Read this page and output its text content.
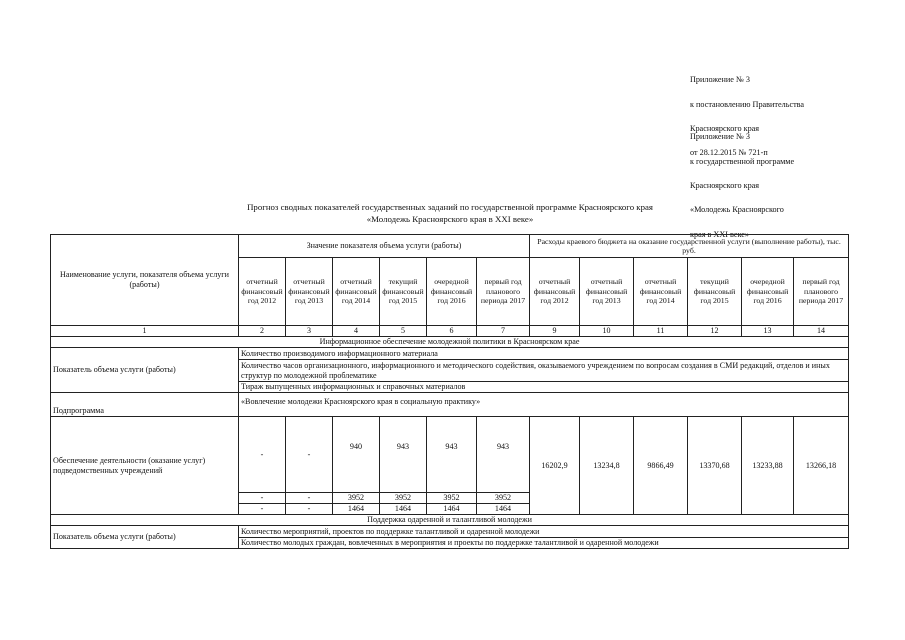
Приложение № 3

к постановлению Правительства

Красноярского края

от 28.12.2015 № 721-п

Приложение № 3

к государственной программе

Красноярского края

«Молодежь Красноярского

края в XXI веке»

Прогноз сводных показателей государственных заданий по государственной программе Красноярского края
«Молодежь Красноярского края в XXI веке»
Наименование услуги, показателя объема услуги (работы)	Значение показателя объема услуги (работы)						Расходы краевого бюджета на оказание государственной услуги (выполнение работы), тыс. руб.					
	отчетный финансовый год 2012	отчетный финансовый год 2013	отчетный финансовый год 2014	текущий финансовый год 2015	очередной финансовый год 2016	первый год планового периода 2017	отчетный финансовый год 2012	отчетный финансовый год 2013	отчетный финансовый год 2014	текущий финансовый год 2015	очередной финансовый год 2016	первый год планового периода 2017
1	2	3	4	5	6	7	9	10	11	12	13	14
Информационное обеспечение молодежной политики в Красноярском крае												
Показатель объема услуги (работы)	Количество производимого информационного материала											
	Количество часов организационного, информационного и методического содействия, оказываемого учреждением по вопросам создания в СМИ редакций, отделов и иных структур по молодежной проблематике											
	Тираж выпущенных информационных и справочных материалов											
Подпрограмма	«Вовлечение молодежи Красноярского края в социальную практику»											
Обеспечение деятельности (оказание услуг) подведомственных учреждений	-	-	940	943	943	943	16202,9	13234,8	9866,49	13370,68	13233,88	13266,18
	-	-	3952	3952	3952	3952						
	-	-	1464	1464	1464	1464						
Поддержка одаренной и талантливой молодежи												
Показатель объема услуги (работы)	Количество мероприятий, проектов по поддержке талантливой и одаренной молодежи											
	Количество молодых граждан, вовлеченных в мероприятия и проекты по поддержке талантливой и одаренной молодежи											
